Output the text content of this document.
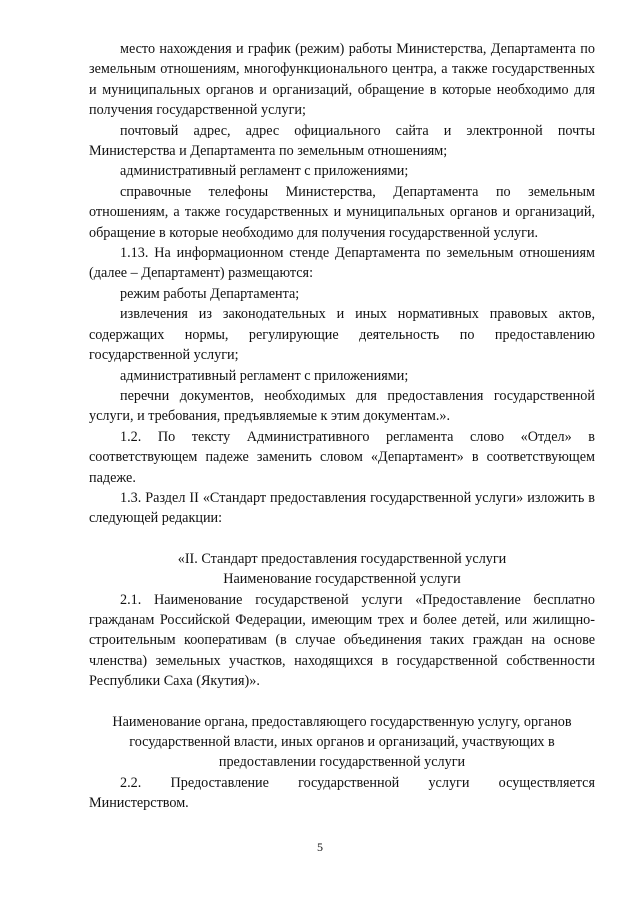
место нахождения и график (режим) работы Министерства, Департамента по земельным отношениям, многофункционального центра, а также государственных и муниципальных органов и организаций, обращение в которые необходимо для получения государственной услуги;

почтовый адрес, адрес официального сайта и электронной почты Министерства и Департамента по земельным отношениям;

административный регламент с приложениями;

справочные телефоны Министерства, Департамента по земельным отношениям, а также государственных и муниципальных органов и организаций, обращение в которые необходимо для получения государственной услуги.

1.13. На информационном стенде Департамента по земельным отношениям (далее – Департамент) размещаются:

режим работы Департамента;

извлечения из законодательных и иных нормативных правовых актов, содержащих нормы, регулирующие деятельность по предоставлению государственной услуги;

административный регламент с приложениями;

перечни документов, необходимых для предоставления государственной услуги, и требования, предъявляемые к этим документам.».

1.2. По тексту Административного регламента слово «Отдел» в соответствующем падеже заменить словом «Департамент» в соответствующем падеже.

1.3. Раздел II «Стандарт предоставления государственной услуги» изложить в следующей редакции:

«II. Стандарт предоставления государственной услуги

Наименование государственной услуги

2.1. Наименование государственой услуги «Предоставление бесплатно гражданам Российской Федерации, имеющим трех и более детей, или жилищно-строительным кооперативам (в случае объединения таких граждан на основе членства) земельных участков, находящихся в государственной собственности Республики Саха (Якутия)».

Наименование органа, предоставляющего государственную услугу, органов государственной власти, иных органов и организаций, участвующих в предоставлении государственной услуги

2.2. Предоставление государственной услуги осуществляется Министерством.

5
